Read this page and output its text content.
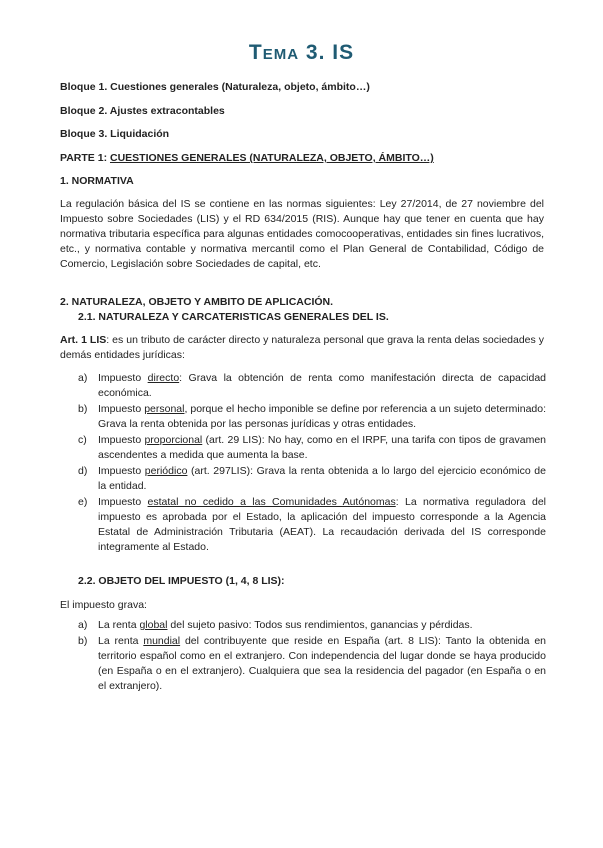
Tema 3. IS

Bloque 1. Cuestiones generales (Naturaleza, objeto, ámbito…)

Bloque 2. Ajustes extracontables

Bloque 3. Liquidación

PARTE 1: CUESTIONES GENERALES (NATURALEZA, OBJETO, ÁMBITO…)

1. NORMATIVA

La regulación básica del IS se contiene en las normas siguientes: Ley 27/2014, de 27 noviembre del Impuesto sobre Sociedades (LIS) y el RD 634/2015 (RIS). Aunque hay que tener en cuenta que hay normativa tributaria específica para algunas entidades comocooperativas, entidades sin fines lucrativos, etc., y normativa contable y normativa mercantil como el Plan General de Contabilidad, Código de Comercio, Legislación sobre Sociedades de capital, etc.

2. NATURALEZA, OBJETO Y AMBITO DE APLICACIÓN.

2.1. NATURALEZA Y CARCATERISTICAS GENERALES DEL IS.

Art. 1 LIS: es un tributo de carácter directo y naturaleza personal que grava la renta delas sociedades y demás entidades jurídicas:

a) Impuesto directo: Grava la obtención de renta como manifestación directa de capacidad económica.
b) Impuesto personal, porque el hecho imponible se define por referencia a un sujeto determinado: Grava la renta obtenida por las personas jurídicas y otras entidades.
c) Impuesto proporcional (art. 29 LIS): No hay, como en el IRPF, una tarifa con tipos de gravamen ascendentes a medida que aumenta la base.
d) Impuesto periódico (art. 297LIS): Grava la renta obtenida a lo largo del ejercicio económico de la entidad.
e) Impuesto estatal no cedido a las Comunidades Autónomas: La normativa reguladora del impuesto es aprobada por el Estado, la aplicación del impuesto corresponde a la Agencia Estatal de Administración Tributaria (AEAT). La recaudación derivada del IS corresponde integramente al Estado.

2.2. OBJETO DEL IMPUESTO (1, 4, 8 LIS):

El impuesto grava:

a) La renta global del sujeto pasivo: Todos sus rendimientos, ganancias y pérdidas.
b) La renta mundial del contribuyente que reside en España (art. 8 LIS): Tanto la obtenida en territorio español como en el extranjero. Con independencia del lugar donde se haya producido (en España o en el extranjero). Cualquiera que sea la residencia del pagador (en España o en el extranjero).
